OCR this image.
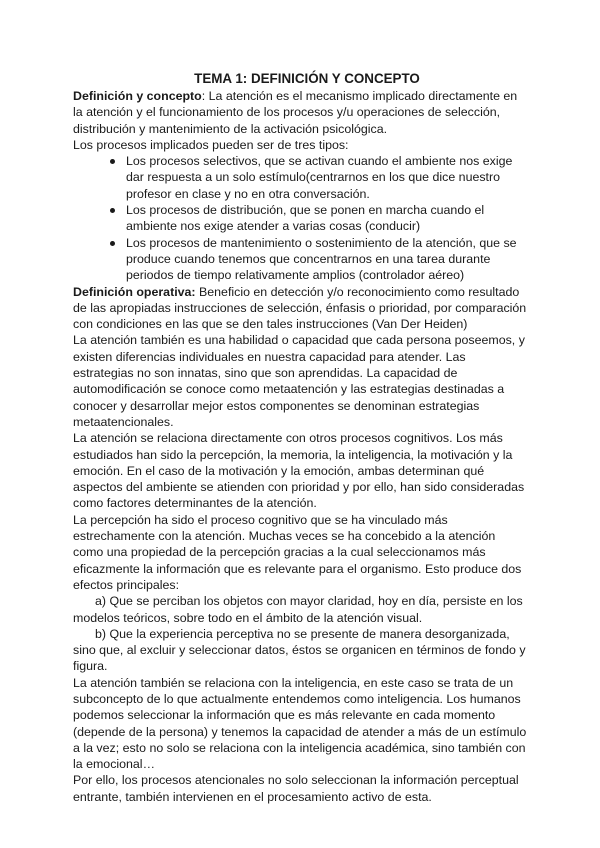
TEMA 1: DEFINICIÓN Y CONCEPTO

Definición y concepto: La atención es el mecanismo implicado directamente en la atención y el funcionamiento de los procesos y/u operaciones de selección, distribución y mantenimiento de la activación psicológica.

Los procesos implicados pueden ser de tres tipos:

Los procesos selectivos, que se activan cuando el ambiente nos exige dar respuesta a un solo estímulo(centrarnos en los que dice nuestro profesor en clase y no en otra conversación.
Los procesos de distribución, que se ponen en marcha cuando el ambiente nos exige atender a varias cosas (conducir)
Los procesos de mantenimiento o sostenimiento de la atención, que se produce cuando tenemos que concentrarnos en una tarea durante periodos de tiempo relativamente amplios (controlador aéreo)

Definición operativa: Beneficio en detección y/o reconocimiento como resultado de las apropiadas instrucciones de selección, énfasis o prioridad, por comparación con condiciones en las que se den tales instrucciones (Van Der Heiden)

La atención también es una habilidad o capacidad que cada persona poseemos, y existen diferencias individuales en nuestra capacidad para atender. Las estrategias no son innatas, sino que son aprendidas. La capacidad de automodificación se conoce como metaatención y las estrategias destinadas a conocer y desarrollar mejor estos componentes se denominan estrategias metaatencionales.

La atención se relaciona directamente con otros procesos cognitivos. Los más estudiados han sido la percepción, la memoria, la inteligencia, la motivación y la emoción. En el caso de la motivación y la emoción, ambas determinan qué aspectos del ambiente se atienden con prioridad y por ello, han sido consideradas como factores determinantes de la atención.

La percepción ha sido el proceso cognitivo que se ha vinculado más estrechamente con la atención. Muchas veces se ha concebido a la atención como una propiedad de la percepción gracias a la cual seleccionamos más eficazmente la información que es relevante para el organismo. Esto produce dos efectos principales:

a) Que se perciban los objetos con mayor claridad, hoy en día, persiste en los modelos teóricos, sobre todo en el ámbito de la atención visual.

b) Que la experiencia perceptiva no se presente de manera desorganizada, sino que, al excluir y seleccionar datos, éstos se organicen en términos de fondo y figura.

La atención también se relaciona con la inteligencia, en este caso se trata de un subconcepto de lo que actualmente entendemos como inteligencia. Los humanos podemos seleccionar la información que es más relevante en cada momento (depende de la persona) y tenemos la capacidad de atender a más de un estímulo a la vez; esto no solo se relaciona con la inteligencia académica, sino también con la emocional…

Por ello, los procesos atencionales no solo seleccionan la información perceptual entrante, también intervienen en el procesamiento activo de esta.
